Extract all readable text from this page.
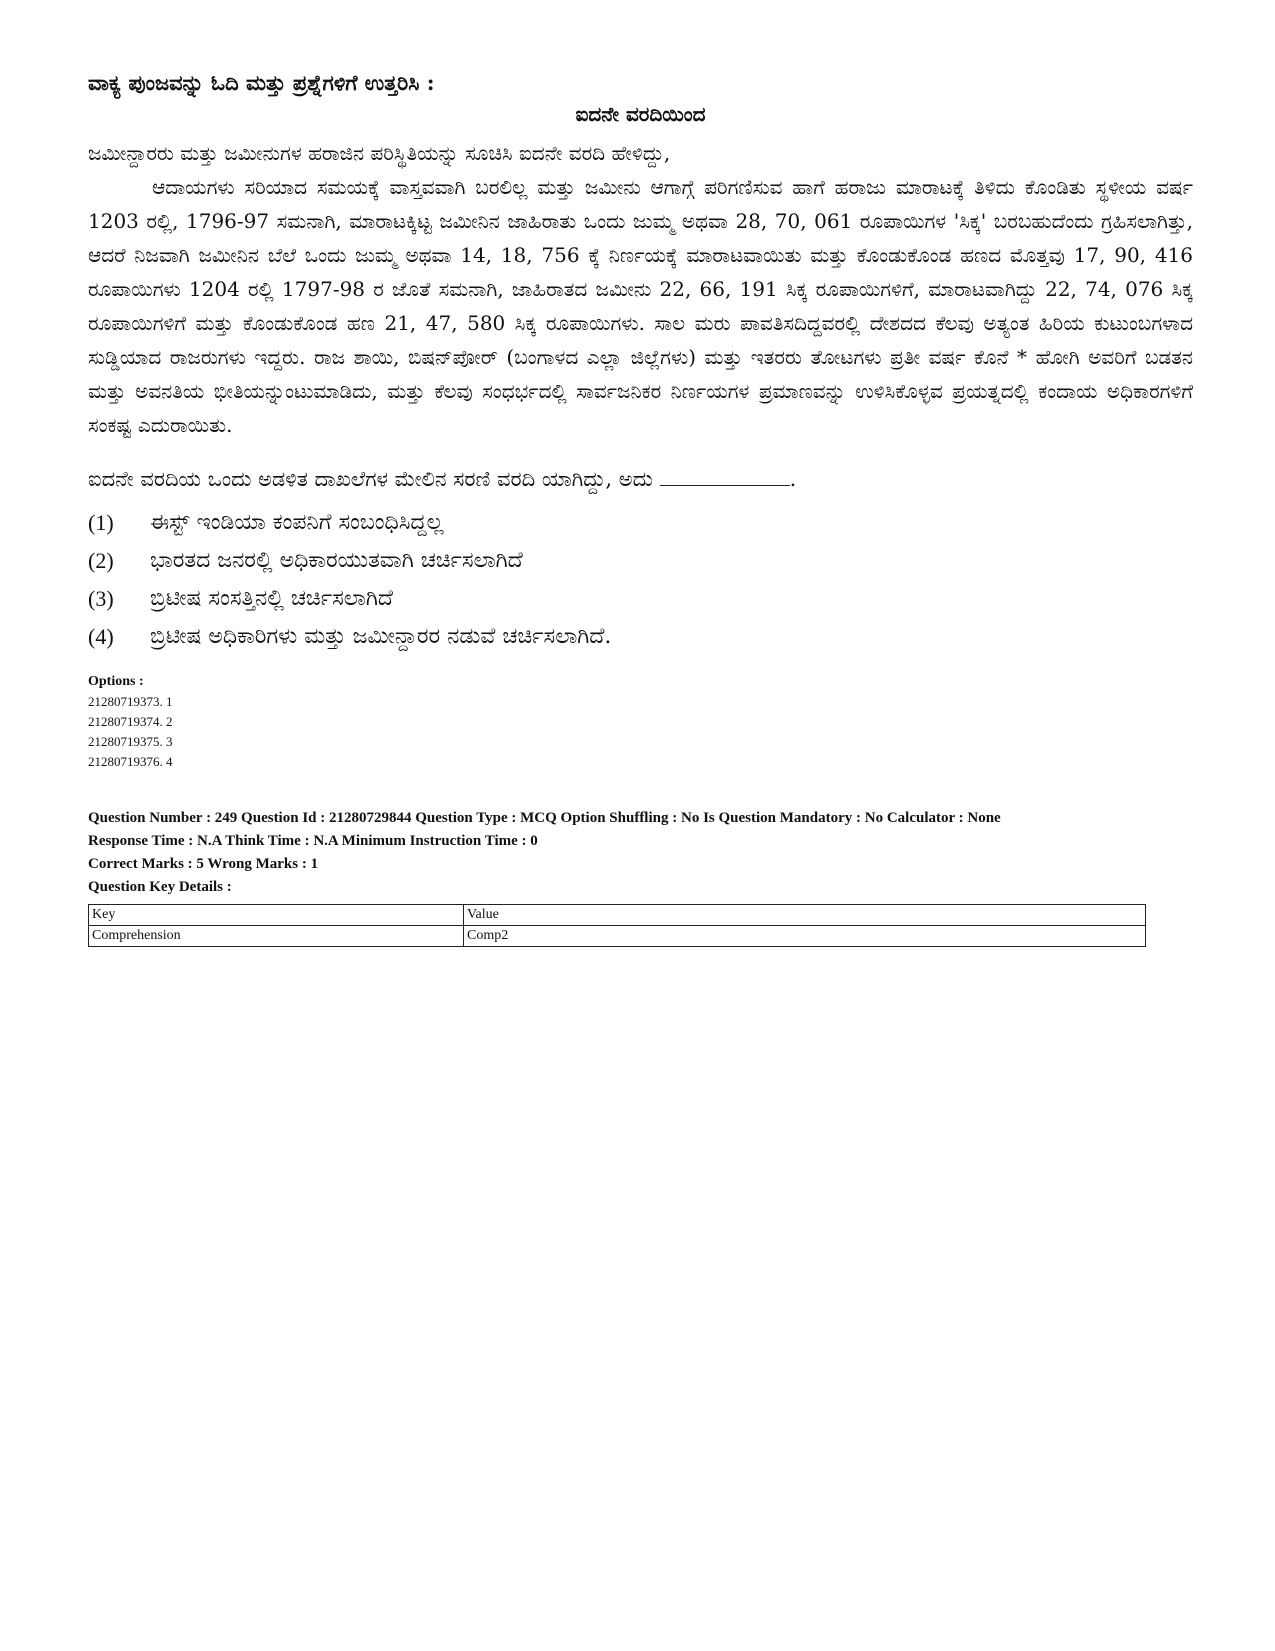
ವಾಕ್ಯ ಪುಂಜವನ್ನು ಓದಿ ಮತ್ತು ಪ್ರಶ್ನೆಗಳಿಗೆ ಉತ್ತರಿಸಿ :
ಐದನೇ ವರದಿಯಿಂದ

ಜಮೀನ್ದಾರರು ಮತ್ತು ಜಮೀನುಗಳ ಹರಾಜಿನ ಪರಿಸ್ಥಿತಿಯನ್ನು ಸೂಚಿಸಿ ಐದನೇ ವರದಿ ಹೇಳಿದ್ದು,

ಆದಾಯಗಳು ಸರಿಯಾದ ಸಮಯಕ್ಕೆ ವಾಸ್ತವವಾಗಿ ಬರಲಿಲ್ಲ ಮತ್ತು ಜಮೀನು ಆಗಾಗ್ಗೆ ಪರಿಗಣಿಸುವ ಹಾಗೆ ಹರಾಜು ಮಾರಾಟಕ್ಕೆ ತಿಳಿದು ಕೊಂಡಿತು ಸ್ಥಳೀಯ ವರ್ಷ 1203 ರಲ್ಲಿ, 1796-97 ಸಮನಾಗಿ, ಮಾರಾಟಕ್ಕಿಟ್ಟ ಜಮೀನಿನ ಜಾಹಿರಾತು ಒಂದು ಜುಮ್ಮ ಅಥವಾ 28, 70, 061 ರೂಪಾಯಿಗಳ 'ಸಿಕ್ಕ' ಬರಬಹುದೆಂದು ಗ್ರಹಿಸಲಾಗಿತ್ತು, ಆದರೆ ನಿಜವಾಗಿ ಜಮೀನಿನ ಬೆಲೆ ಒಂದು ಜುಮ್ಮ ಅಥವಾ 14, 18, 756 ಕ್ಕೆ ನಿರ್ಣಯಕ್ಕೆ ಮಾರಾಟವಾಯಿತು ಮತ್ತು ಕೊಂಡುಕೊಂಡ ಹಣದ ಮೊತ್ತವು 17, 90, 416 ರೂಪಾಯಿಗಳು 1204 ರಲ್ಲಿ 1797-98 ರ ಜೊತೆ ಸಮನಾಗಿ, ಜಾಹಿರಾತದ ಜಮೀನು 22, 66, 191 ಸಿಕ್ಕ ರೂಪಾಯಿಗಳಿಗೆ, ಮಾರಾಟವಾಗಿದ್ದು 22, 74, 076 ಸಿಕ್ಕ ರೂಪಾಯಿಗಳಿಗೆ ಮತ್ತು ಕೊಂಡುಕೊಂಡ ಹಣ 21, 47, 580 ಸಿಕ್ಕ ರೂಪಾಯಿಗಳು. ಸಾಲ ಮರು ಪಾವತಿಸದಿದ್ದವರಲ್ಲಿ ದೇಶದದ ಕೆಲವು ಅತ್ಯಂತ ಹಿರಿಯ ಕುಟುಂಬಗಳಾದ ಸುಡ್ಡಿಯಾದ ರಾಜರುಗಳು ಇದ್ದರು. ರಾಜ ಶಾಯಿ, ಬಿಷನ್‌ಪೋರ್ (ಬಂಗಾಳದ ಎಲ್ಲಾ ಜಿಲ್ಲೆಗಳು) ಮತ್ತು ಇತರರು ತೋಟಗಳು ಪ್ರತೀ ವರ್ಷ ಕೊನೆ * ಹೋಗಿ ಅವರಿಗೆ ಬಡತನ ಮತ್ತು ಅವನತಿಯ ಭೀತಿಯನ್ನುಂಟುಮಾಡಿದು, ಮತ್ತು ಕೆಲವು ಸಂಧರ್ಭದಲ್ಲಿ ಸಾರ್ವಜನಿಕರ ನಿರ್ಣಯಗಳ ಪ್ರಮಾಣವನ್ನು ಉಳಿಸಿಕೊಳ್ಳವ ಪ್ರಯತ್ನದಲ್ಲಿ ಕಂದಾಯ ಅಧಿಕಾರಗಳಿಗೆ ಸಂಕಷ್ಟ ಎದುರಾಯಿತು.

ಐದನೇ ವರದಿಯ ಒಂದು ಅಡಳಿತ ದಾಖಲೆಗಳ ಮೇಲಿನ ಸರಣಿ ವರದಿ ಯಾಗಿದ್ದು, ಅದು	.
(1)	ಈಸ್ಟ್ ಇಂಡಿಯಾ ಕಂಪನಿಗೆ ಸಂಬಂಧಿಸಿದ್ದಲ್ಲ
(2)	ಭಾರತದ ಜನರಲ್ಲಿ ಅಧಿಕಾರಯುತವಾಗಿ ಚರ್ಚಿಸಲಾಗಿದೆ
(3)	ಬ್ರಿಟೀಷ ಸಂಸತ್ತಿನಲ್ಲಿ ಚರ್ಚಿಸಲಾಗಿದೆ
(4)	ಬ್ರಿಟೀಷ ಅಧಿಕಾರಿಗಳು ಮತ್ತು ಜಮೀನ್ದಾರರ ನಡುವೆ ಚರ್ಚಿಸಲಾಗಿದೆ.
Options :
21280719373. 1
21280719374. 2
21280719375. 3
21280719376. 4

Question Number : 249 Question Id : 21280729844 Question Type : MCQ Option Shuffling : No Is Question Mandatory : No Calculator : None

Response Time : N.A Think Time : N.A Minimum Instruction Time : 0

Correct Marks : 5 Wrong Marks : 1

Question Key Details :

Key	Value
Comprehension	Comp2
